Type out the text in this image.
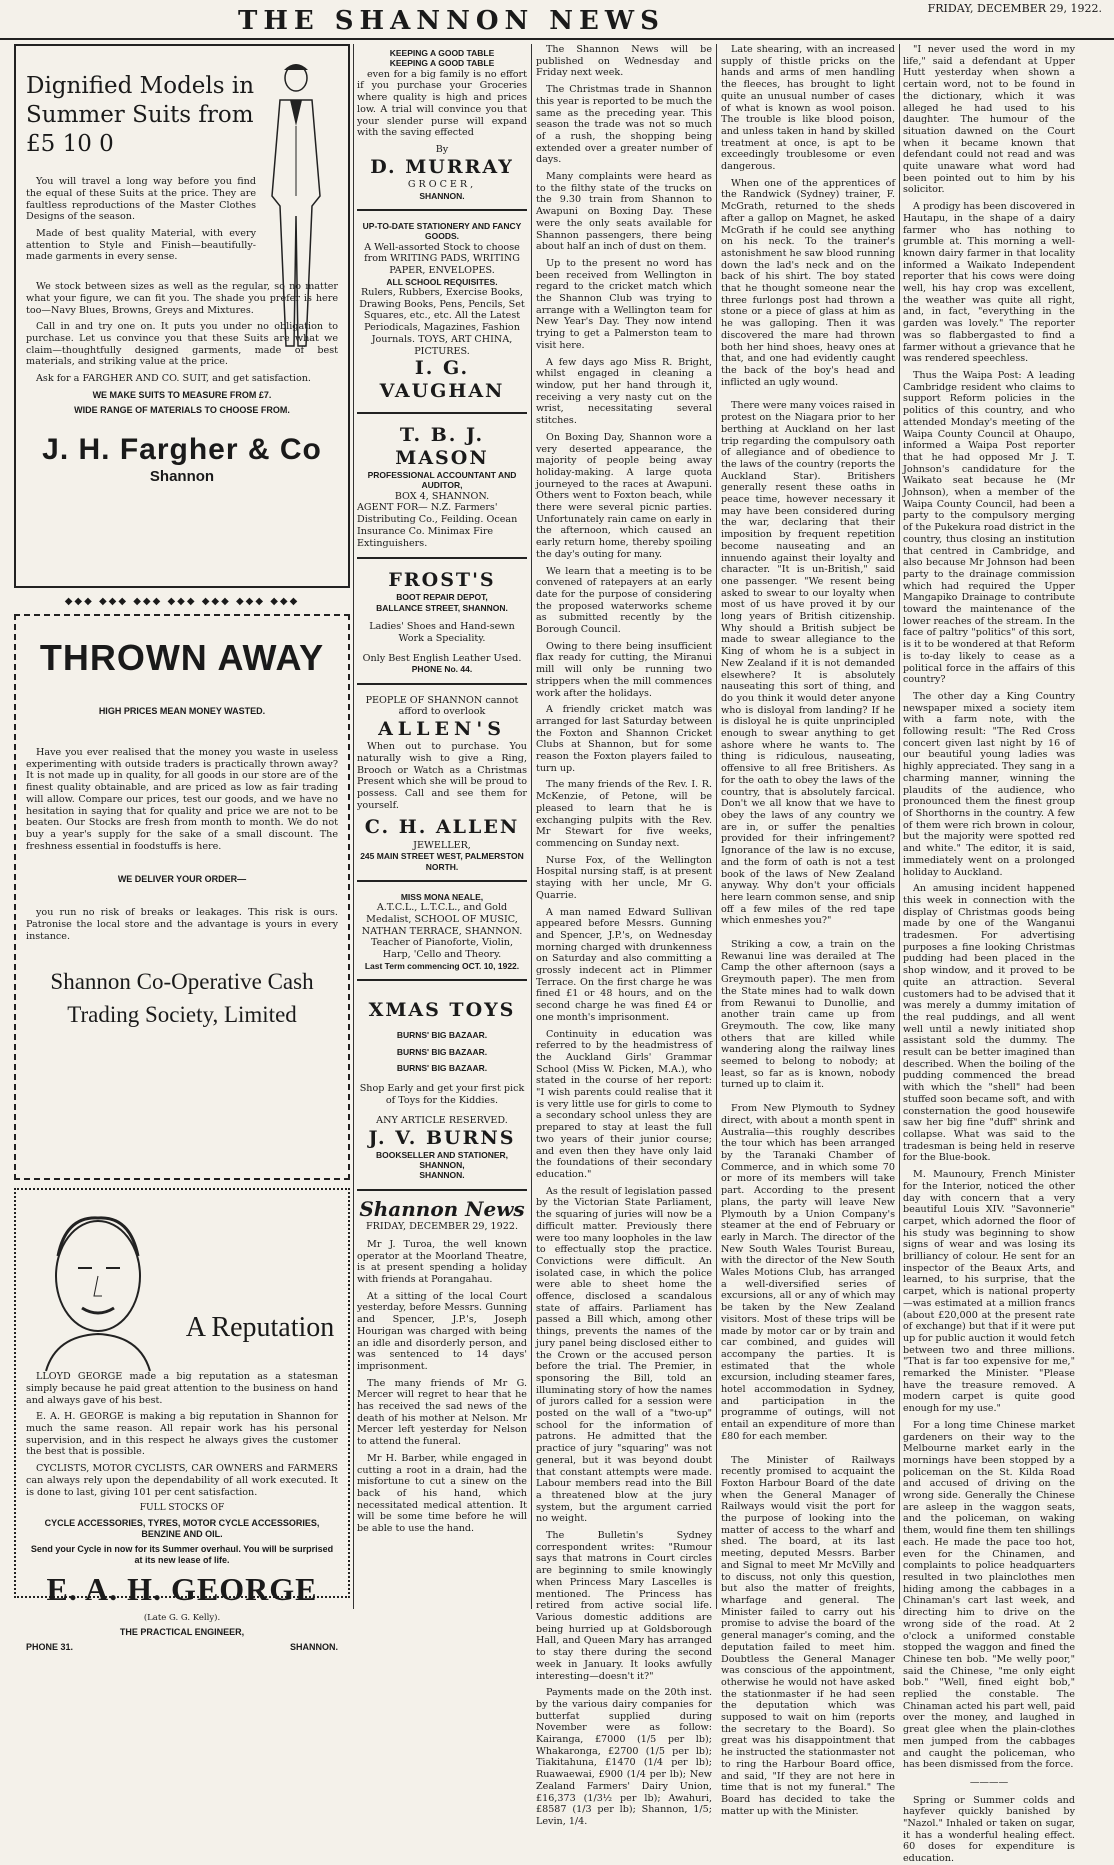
THE SHANNON NEWS	FRIDAY, DECEMBER 29, 1922.
Dignified Models in Summer Suits from £5 10 0

You will travel a long way before you find the equal of these Suits at the price. They are faultless reproductions of the Master Clothes Designs of the season.

Made of best quality Material, with every attention to Style and Finish—beautifully-made garments in every sense.

We stock between sizes as well as the regular, so no matter what your figure, we can fit you. The shade you prefer is here too—Navy Blues, Browns, Greys and Mixtures.

Call in and try one on. It puts you under no obligation to purchase. Let us convince you that these Suits are what we claim—thoughtfully designed garments, made of best materials, and striking value at the price.

Ask for a FARGHER AND CO. SUIT, and get satisfaction.

WE MAKE SUITS TO MEASURE FROM £7.
WIDE RANGE OF MATERIALS TO CHOOSE FROM.
J. H. Fargher & Co
Shannon
◆◆◆ ◆◆◆ ◆◆◆ ◆◆◆ ◆◆◆ ◆◆◆ ◆◆◆
THROWN AWAY
HIGH PRICES MEAN MONEY WASTED.

Have you ever realised that the money you waste in useless experimenting with outside traders is practically thrown away? It is not made up in quality, for all goods in our store are of the finest quality obtainable, and are priced as low as fair trading will allow. Compare our prices, test our goods, and we have no hesitation in saying that for quality and price we are not to be beaten. Our Stocks are fresh from month to month. We do not buy a year's supply for the sake of a small discount. The freshness essential in foodstuffs is here.

WE DELIVER YOUR ORDER—

you run no risk of breaks or leakages. This risk is ours. Patronise the local store and the advantage is yours in every instance.

Shannon Co-Operative Cash Trading Society, Limited
A Reputation

LLOYD GEORGE made a big reputation as a statesman simply because he paid great attention to the business on hand and always gave of his best.

E. A. H. GEORGE is making a big reputation in Shannon for much the same reason. All repair work has his personal supervision, and in this respect he always gives the customer the best that is possible.

CYCLISTS, MOTOR CYCLISTS, CAR OWNERS and FARMERS can always rely upon the dependability of all work executed. It is done to last, giving 101 per cent satisfaction.

FULL STOCKS OF
CYCLE ACCESSORIES, TYRES, MOTOR CYCLE ACCESSORIES, BENZINE AND OIL.
Send your Cycle in now for its Summer overhaul. You will be surprised at its new lease of life.
E. A. H. GEORGE
(Late G. G. Kelly).
THE PRACTICAL ENGINEER,
PHONE 31.	SHANNON.
KEEPING A GOOD TABLE
KEEPING A GOOD TABLE

even for a big family is no effort if you purchase your Groceries where quality is high and prices low. A trial will convince you that your slender purse will expand with the saving effected

By
D. MURRAY
GROCER,
SHANNON.
UP-TO-DATE STATIONERY AND FANCY GOODS.
A Well-assorted Stock to choose from WRITING PADS, WRITING PAPER, ENVELOPES.
ALL SCHOOL REQUISITES.
Rulers, Rubbers, Exercise Books, Drawing Books, Pens, Pencils, Set Squares, etc., etc. All the Latest Periodicals, Magazines, Fashion Journals. TOYS, ART CHINA, PICTURES.
I. G. VAUGHAN
T. B. J. MASON
PROFESSIONAL ACCOUNTANT AND AUDITOR,
BOX 4, SHANNON.
AGENT FOR— N.Z. Farmers' Distributing Co., Feilding. Ocean Insurance Co. Minimax Fire Extinguishers.
FROST'S
BOOT REPAIR DEPOT,
BALLANCE STREET, SHANNON.
Ladies' Shoes and Hand-sewn Work a Speciality.
Only Best English Leather Used.
PHONE No. 44.
PEOPLE OF SHANNON cannot afford to overlook
ALLEN'S

When out to purchase. You naturally wish to give a Ring, Brooch or Watch as a Christmas Present which she will be proud to possess. Call and see them for yourself.

C. H. ALLEN
JEWELLER,
245 MAIN STREET WEST, PALMERSTON NORTH.
MISS MONA NEALE,
A.T.C.L., L.T.C.L., and Gold Medalist, SCHOOL OF MUSIC, NATHAN TERRACE, SHANNON. Teacher of Pianoforte, Violin, Harp, 'Cello and Theory.
Last Term commencing OCT. 10, 1922.
XMAS TOYS
BURNS' BIG BAZAAR.
BURNS' BIG BAZAAR.
BURNS' BIG BAZAAR.
Shop Early and get your first pick of Toys for the Kiddies.
ANY ARTICLE RESERVED.
J. V. BURNS
BOOKSELLER AND STATIONER,
SHANNON,
SHANNON.
Shannon News
FRIDAY, DECEMBER 29, 1922.

Mr J. Turoa, the well known operator at the Moorland Theatre, is at present spending a holiday with friends at Porangahau.

At a sitting of the local Court yesterday, before Messrs. Gunning and Spencer, J.P.'s, Joseph Hourigan was charged with being an idle and disorderly person, and was sentenced to 14 days' imprisonment.

The many friends of Mr G. Mercer will regret to hear that he has received the sad news of the death of his mother at Nelson. Mr Mercer left yesterday for Nelson to attend the funeral.

Mr H. Barber, while engaged in cutting a root in a drain, had the misfortune to cut a sinew on the back of his hand, which necessitated medical attention. It will be some time before he will be able to use the hand.

The Shannon News will be published on Wednesday and Friday next week.

The Christmas trade in Shannon this year is reported to be much the same as the preceding year. This season the trade was not so much of a rush, the shopping being extended over a greater number of days.

Many complaints were heard as to the filthy state of the trucks on the 9.30 train from Shannon to Awapuni on Boxing Day. These were the only seats available for Shannon passengers, there being about half an inch of dust on them.

Up to the present no word has been received from Wellington in regard to the cricket match which the Shannon Club was trying to arrange with a Wellington team for New Year's Day. They now intend trying to get a Palmerston team to visit here.

A few days ago Miss R. Bright, whilst engaged in cleaning a window, put her hand through it, receiving a very nasty cut on the wrist, necessitating several stitches.

On Boxing Day, Shannon wore a very deserted appearance, the majority of people being away holiday-making. A large quota journeyed to the races at Awapuni. Others went to Foxton beach, while there were several picnic parties. Unfortunately rain came on early in the afternoon, which caused an early return home, thereby spoiling the day's outing for many.

We learn that a meeting is to be convened of ratepayers at an early date for the purpose of considering the proposed waterworks scheme as submitted recently by the Borough Council.

Owing to there being insufficient flax ready for cutting, the Miranui mill will only be running two strippers when the mill commences work after the holidays.

A friendly cricket match was arranged for last Saturday between the Foxton and Shannon Cricket Clubs at Shannon, but for some reason the Foxton players failed to turn up.

The many friends of the Rev. I. R. McKenzie, of Petone, will be pleased to learn that he is exchanging pulpits with the Rev. Mr Stewart for five weeks, commencing on Sunday next.

Nurse Fox, of the Wellington Hospital nursing staff, is at present staying with her uncle, Mr G. Quarrie.

A man named Edward Sullivan appeared before Messrs. Gunning and Spencer, J.P.'s, on Wednesday morning charged with drunkenness on Saturday and also committing a grossly indecent act in Plimmer Terrace. On the first charge he was fined £1 or 48 hours, and on the second charge he was fined £4 or one month's imprisonment.

Continuity in education was referred to by the headmistress of the Auckland Girls' Grammar School (Miss W. Picken, M.A.), who stated in the course of her report: "I wish parents could realise that it is very little use for girls to come to a secondary school unless they are prepared to stay at least the full two years of their junior course; and even then they have only laid the foundations of their secondary education."

As the result of legislation passed by the Victorian State Parliament, the squaring of juries will now be a difficult matter. Previously there were too many loopholes in the law to effectually stop the practice. Convictions were difficult. An isolated case, in which the police were able to sheet home the offence, disclosed a scandalous state of affairs. Parliament has passed a Bill which, among other things, prevents the names of the jury panel being disclosed either to the Crown or the accused person before the trial. The Premier, in sponsoring the Bill, told an illuminating story of how the names of jurors called for a session were posted on the wall of a "two-up" school for the information of patrons. He admitted that the practice of jury "squaring" was not general, but it was beyond doubt that constant attempts were made. Labour members read into the Bill a threatened blow at the jury system, but the argument carried no weight.

The Bulletin's Sydney correspondent writes: "Rumour says that matrons in Court circles are beginning to smile knowingly when Princess Mary Lascelles is mentioned. The Princess has retired from active social life. Various domestic additions are being hurried up at Goldsborough Hall, and Queen Mary has arranged to stay there during the second week in January. It looks awfully interesting—doesn't it?"

Payments made on the 20th inst. by the various dairy companies for butterfat supplied during November were as follow: Kairanga, £7000 (1/5 per lb); Whakaronga, £2700 (1/5 per lb); Tiakitahuna, £1470 (1/4 per lb); Ruawaewai, £900 (1/4 per lb); New Zealand Farmers' Dairy Union, £16,373 (1/3½ per lb); Awahuri, £8587 (1/3 per lb); Shannon, 1/5; Levin, 1/4.

Late shearing, with an increased supply of thistle pricks on the hands and arms of men handling the fleeces, has brought to light quite an unusual number of cases of what is known as wool poison. The trouble is like blood poison, and unless taken in hand by skilled treatment at once, is apt to be exceedingly troublesome or even dangerous.

When one of the apprentices of the Randwick (Sydney) trainer, F. McGrath, returned to the sheds after a gallop on Magnet, he asked McGrath if he could see anything on his neck. To the trainer's astonishment he saw blood running down the lad's neck and on the back of his shirt. The boy stated that he thought someone near the three furlongs post had thrown a stone or a piece of glass at him as he was galloping. Then it was discovered the mare had thrown both her hind shoes, heavy ones at that, and one had evidently caught the back of the boy's head and inflicted an ugly wound.

There were many voices raised in protest on the Niagara prior to her berthing at Auckland on her last trip regarding the compulsory oath of allegiance and of obedience to the laws of the country (reports the Auckland Star). Britishers generally resent these oaths in peace time, however necessary it may have been considered during the war, declaring that their imposition by frequent repetition become nauseating and an innuendo against their loyalty and character. "It is un-British," said one passenger. "We resent being asked to swear to our loyalty when most of us have proved it by our long years of British citizenship. Why should a British subject be made to swear allegiance to the King of whom he is a subject in New Zealand if it is not demanded elsewhere? It is absolutely nauseating this sort of thing, and do you think it would deter anyone who is disloyal from landing? If he is disloyal he is quite unprincipled enough to swear anything to get ashore where he wants to. The thing is ridiculous, nauseating, offensive to all free Britishers. As for the oath to obey the laws of the country, that is absolutely farcical. Don't we all know that we have to obey the laws of any country we are in, or suffer the penalties provided for their infringement? Ignorance of the law is no excuse, and the form of oath is not a test book of the laws of New Zealand anyway. Why don't your officials here learn common sense, and snip off a few miles of the red tape which enmeshes you?"

Striking a cow, a train on the Rewanui line was derailed at The Camp the other afternoon (says a Greymouth paper). The men from the State mines had to walk down from Rewanui to Dunollie, and another train came up from Greymouth. The cow, like many others that are killed while wandering along the railway lines seemed to belong to nobody; at least, so far as is known, nobody turned up to claim it.

From New Plymouth to Sydney direct, with about a month spent in Australia—this roughly describes the tour which has been arranged by the Taranaki Chamber of Commerce, and in which some 70 or more of its members will take part. According to the present plans, the party will leave New Plymouth by a Union Company's steamer at the end of February or early in March. The director of the New South Wales Tourist Bureau, with the director of the New South Wales Motions Club, has arranged a well-diversified series of excursions, all or any of which may be taken by the New Zealand visitors. Most of these trips will be made by motor car or by train and car combined, and guides will accompany the parties. It is estimated that the whole excursion, including steamer fares, hotel accommodation in Sydney, and participation in the programme of outings, will not entail an expenditure of more than £80 for each member.

The Minister of Railways recently promised to acquaint the Foxton Harbour Board of the date when the General Manager of Railways would visit the port for the purpose of looking into the matter of access to the wharf and shed. The board, at its last meeting, deputed Messrs. Barber and Signal to meet Mr McVilly and to discuss, not only this question, but also the matter of freights, wharfage and general. The Minister failed to carry out his promise to advise the board of the general manager's coming, and the deputation failed to meet him. Doubtless the General Manager was conscious of the appointment, otherwise he would not have asked the stationmaster if he had seen the deputation which was supposed to wait on him (reports the secretary to the Board). So great was his disappointment that he instructed the stationmaster not to ring the Harbour Board office, and said, "If they are not here in time that is not my funeral." The Board has decided to take the matter up with the Minister.

"I never used the word in my life," said a defendant at Upper Hutt yesterday when shown a certain word, not to be found in the dictionary, which it was alleged he had used to his daughter. The humour of the situation dawned on the Court when it became known that defendant could not read and was quite unaware what word had been pointed out to him by his solicitor.

A prodigy has been discovered in Hautapu, in the shape of a dairy farmer who has nothing to grumble at. This morning a well-known dairy farmer in that locality informed a Waikato Independent reporter that his cows were doing well, his hay crop was excellent, the weather was quite all right, and, in fact, "everything in the garden was lovely." The reporter was so flabbergasted to find a farmer without a grievance that he was rendered speechless.

Thus the Waipa Post: A leading Cambridge resident who claims to support Reform policies in the politics of this country, and who attended Monday's meeting of the Waipa County Council at Ohaupo, informed a Waipa Post reporter that he had opposed Mr J. T. Johnson's candidature for the Waikato seat because he (Mr Johnson), when a member of the Waipa County Council, had been a party to the compulsory merging of the Pukekura road district in the country, thus closing an institution that centred in Cambridge, and also because Mr Johnson had been party to the drainage commission which had required the Upper Mangapiko Drainage to contribute toward the maintenance of the lower reaches of the stream. In the face of paltry "politics" of this sort, is it to be wondered at that Reform is to-day likely to cease as a political force in the affairs of this country?

The other day a King Country newspaper mixed a society item with a farm note, with the following result: "The Red Cross concert given last night by 16 of our beautiful young ladies was highly appreciated. They sang in a charming manner, winning the plaudits of the audience, who pronounced them the finest group of Shorthorns in the country. A few of them were rich brown in colour, but the majority were spotted red and white." The editor, it is said, immediately went on a prolonged holiday to Auckland.

An amusing incident happened this week in connection with the display of Christmas goods being made by one of the Wanganui tradesmen. For advertising purposes a fine looking Christmas pudding had been placed in the shop window, and it proved to be quite an attraction. Several customers had to be advised that it was merely a dummy imitation of the real puddings, and all went well until a newly initiated shop assistant sold the dummy. The result can be better imagined than described. When the boiling of the pudding commenced the bread with which the "shell" had been stuffed soon became soft, and with consternation the good housewife saw her big fine "duff" shrink and collapse. What was said to the tradesman is being held in reserve for the Blue-book.

M. Maunoury, French Minister for the Interior, noticed the other day with concern that a very beautiful Louis XIV. "Savonnerie" carpet, which adorned the floor of his study was beginning to show signs of wear and was losing its brilliancy of colour. He sent for an inspector of the Beaux Arts, and learned, to his surprise, that the carpet, which is national property—was estimated at a million francs (about £20,000 at the present rate of exchange) but that if it were put up for public auction it would fetch between two and three millions. "That is far too expensive for me," remarked the Minister. "Please have the treasure removed. A modern carpet is quite good enough for my use."

For a long time Chinese market gardeners on their way to the Melbourne market early in the mornings have been stopped by a policeman on the St. Kilda Road and accused of driving on the wrong side. Generally the Chinese are asleep in the waggon seats, and the policeman, on waking them, would fine them ten shillings each. He made the pace too hot, even for the Chinamen, and complaints to police headquarters resulted in two plainclothes men hiding among the cabbages in a Chinaman's cart last week, and directing him to drive on the wrong side of the road. At 2 o'clock a uniformed constable stopped the waggon and fined the Chinese ten bob. "Me welly poor," said the Chinese, "me only eight bob." "Well, fined eight bob," replied the constable. The Chinaman acted his part well, paid over the money, and laughed in great glee when the plain-clothes men jumped from the cabbages and caught the policeman, who has been dismissed from the force.

————

Spring or Summer colds and hayfever quickly banished by "Nazol." Inhaled or taken on sugar, it has a wonderful healing effect. 60 doses for expenditure is education.
